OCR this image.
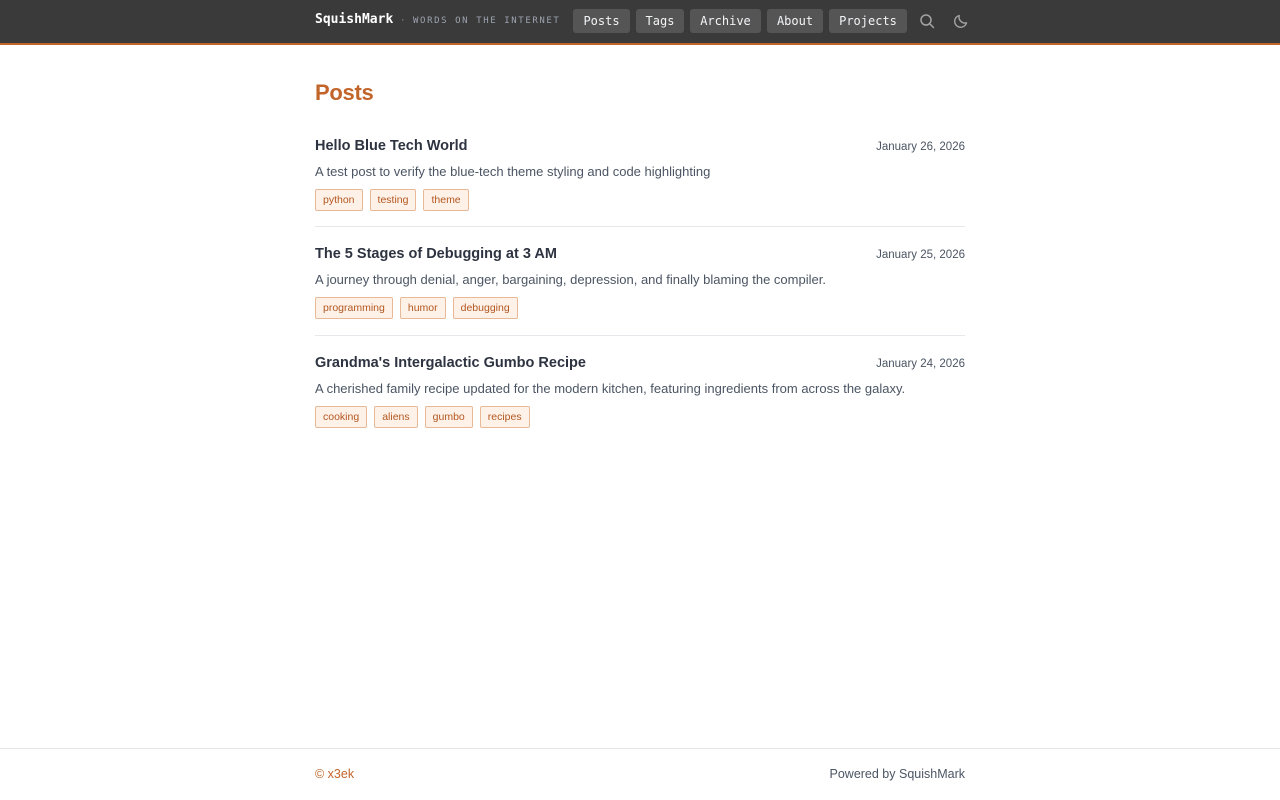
SquishMark · WORDS ON THE INTERNET	Posts	Tags	Archive	About	Projects
Posts
Hello Blue Tech World	January 26, 2026

A test post to verify the blue-tech theme styling and code highlighting

python	testing	theme
The 5 Stages of Debugging at 3 AM	January 25, 2026

A journey through denial, anger, bargaining, depression, and finally blaming the compiler.

programming	humor	debugging
Grandma's Intergalactic Gumbo Recipe	January 24, 2026

A cherished family recipe updated for the modern kitchen, featuring ingredients from across the galaxy.

cooking	aliens	gumbo	recipes
© x3ek	Powered by SquishMark
